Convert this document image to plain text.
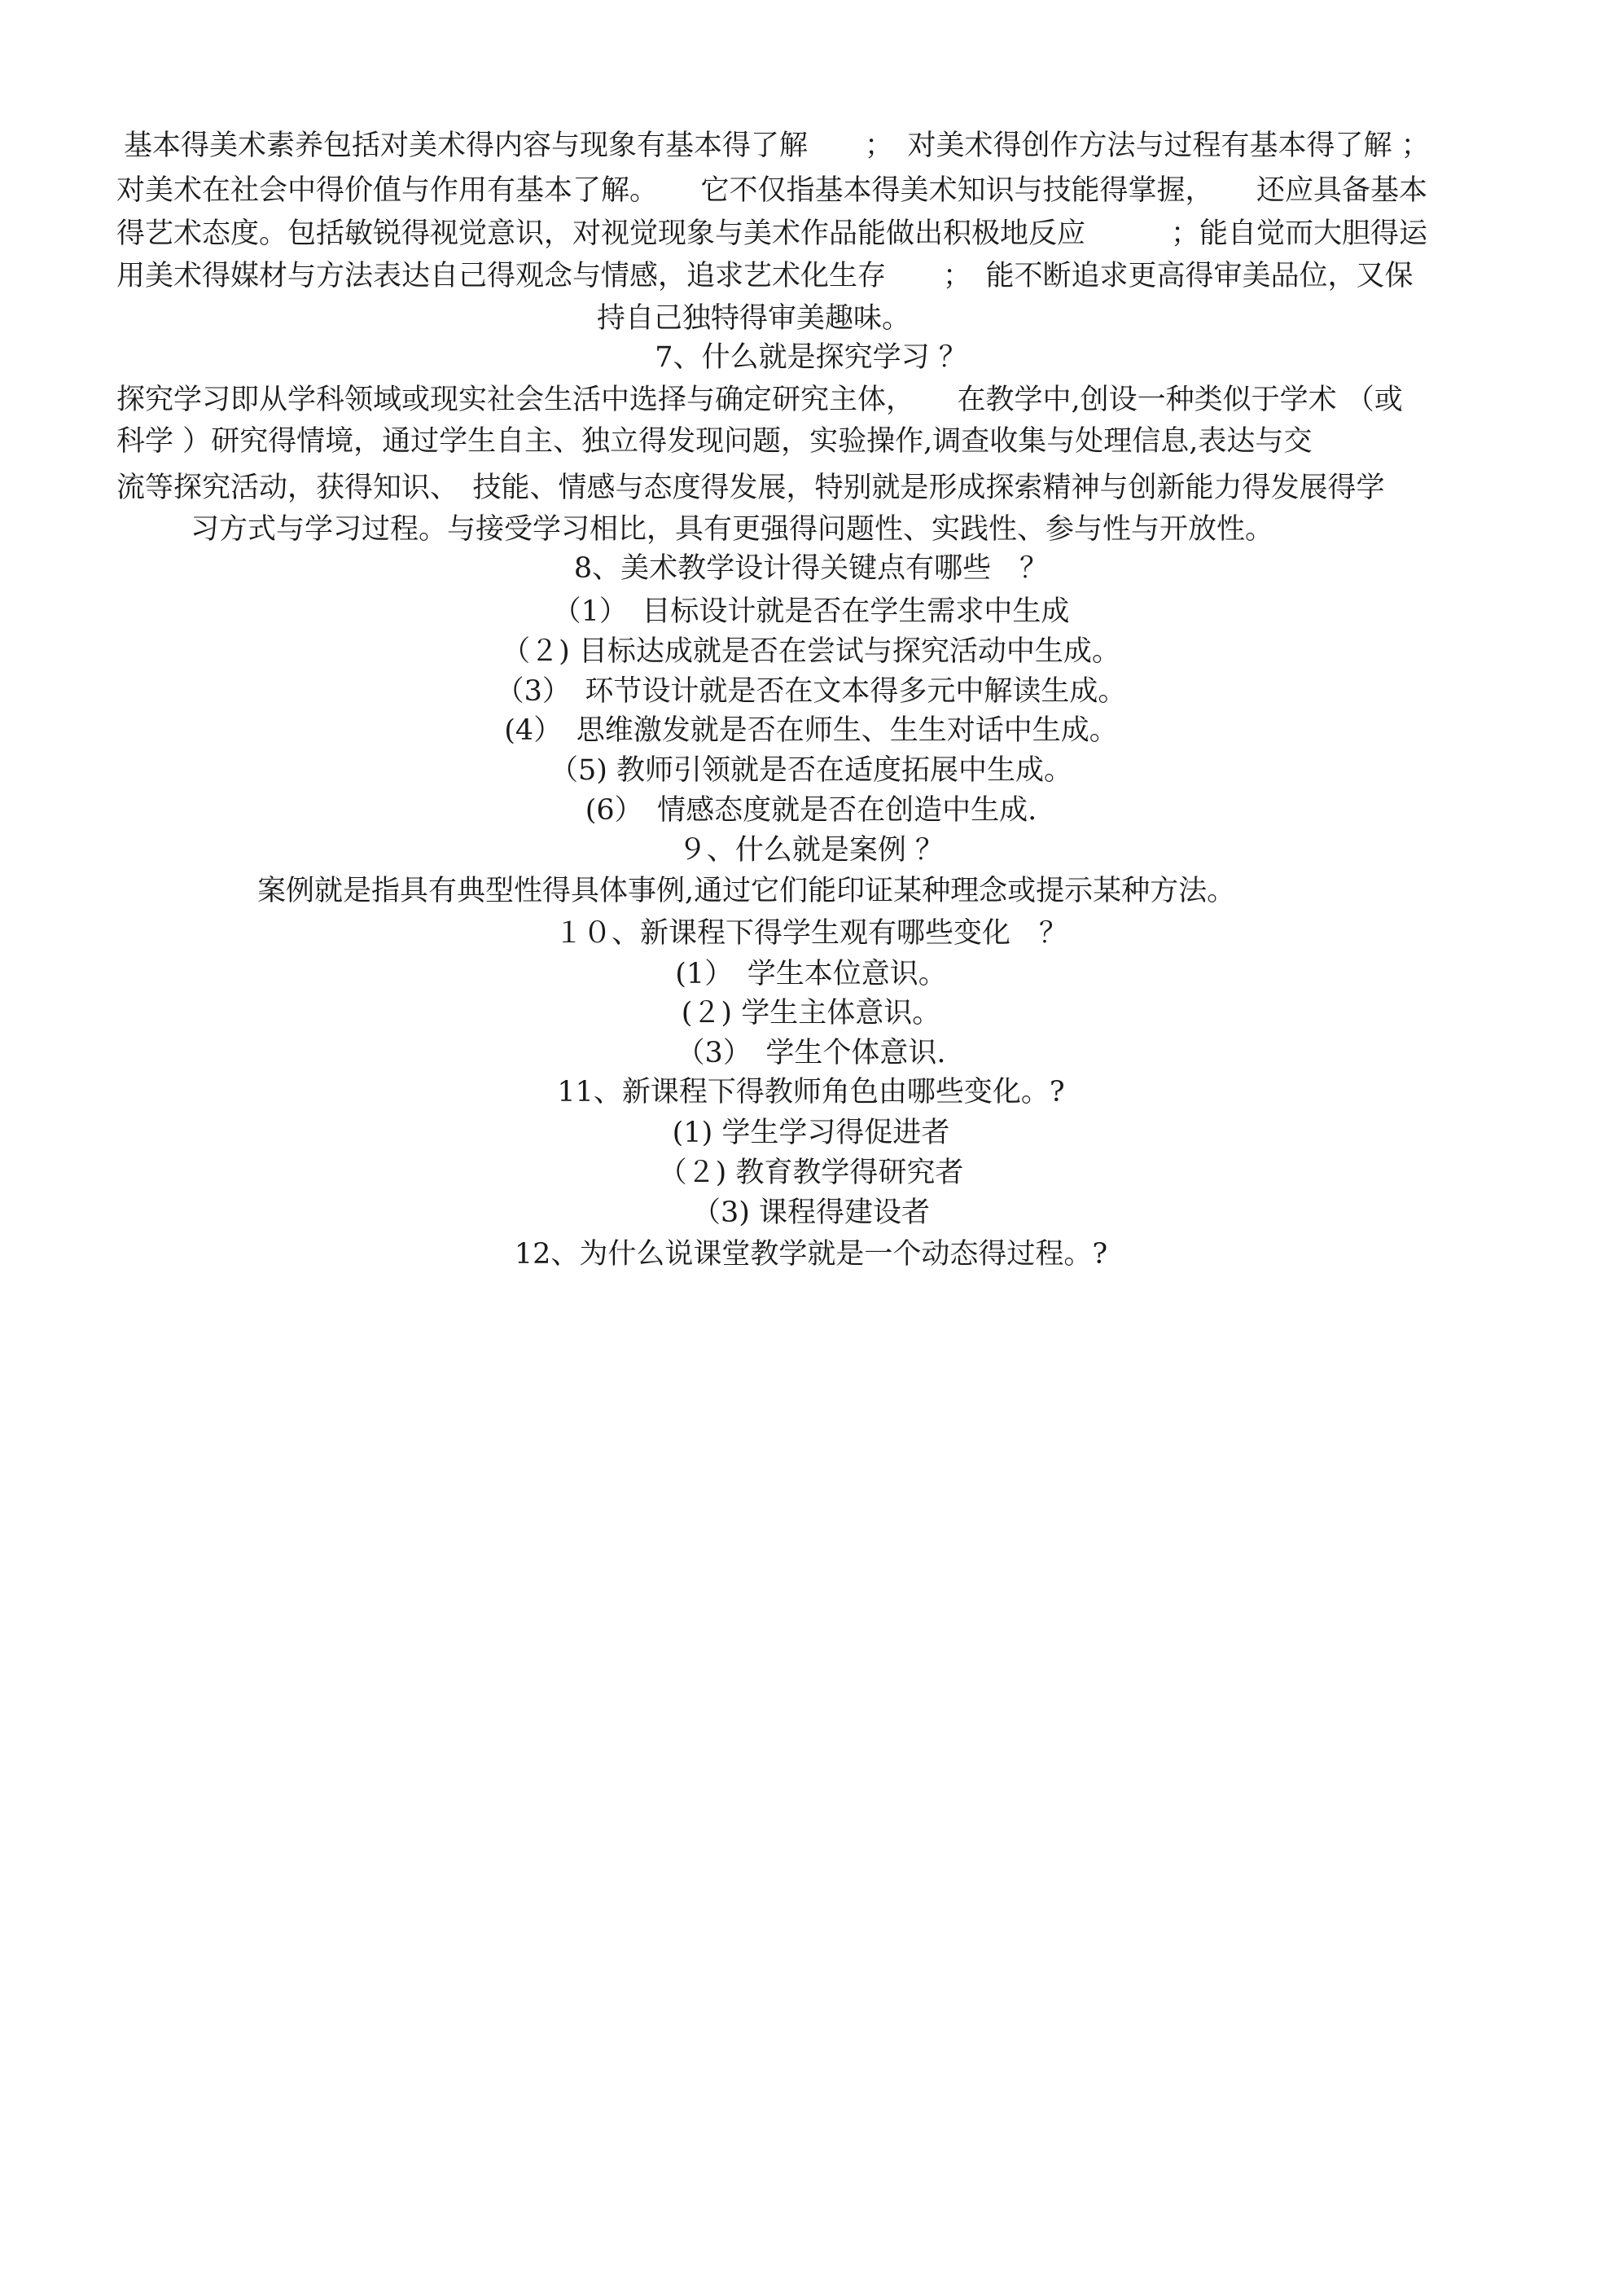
基本得美术素养包括对美术得内容与现象有基本得了解　　；　对美术得创作方法与过程有基本得了解 ；
对美术在社会中得价值与作用有基本了解。　　它不仅指基本得美术知识与技能得掌握，　　还应具备基本
得艺术态度。包括敏锐得视觉意识，对视觉现象与美术作品能做出积极地反应　　　；能自觉而大胆得运
用美术得媒材与方法表达自己得观念与情感，追求艺术化生存　　；　能不断追求更高得审美品位，又保
持自己独特得审美趣味。
7、什么就是探究学习 ？
探究学习即从学科领域或现实社会生活中选择与确定研究主体，　　在教学中,创设一种类似于学术 （或
科学 ）研究得情境，通过学生自主、独立得发现问题，实验操作,调查收集与处理信息,表达与交
流等探究活动，获得知识、　技能、情感与态度得发展，特别就是形成探索精神与创新能力得发展得学
习方式与学习过程。与接受学习相比，具有更强得问题性、实践性、参与性与开放性。
8、美术教学设计得关键点有哪些　？
（1）　目标设计就是否在学生需求中生成
（２) 目标达成就是否在尝试与探究活动中生成。
（3）　环节设计就是否在文本得多元中解读生成。
(4）　思维激发就是否在师生、生生对话中生成。
（5) 教师引领就是否在适度拓展中生成。
(6）　情感态度就是否在创造中生成.
９、什么就是案例 ？
案例就是指具有典型性得具体事例,通过它们能印证某种理念或提示某种方法。
１０、新课程下得学生观有哪些变化　？
(1）　学生本位意识。
(２) 学生主体意识。
（3）　学生个体意识.
11、新课程下得教师角色由哪些变化。?
(1) 学生学习得促进者
（２) 教育教学得研究者
（3) 课程得建设者
12、为什么说课堂教学就是一个动态得过程。?
